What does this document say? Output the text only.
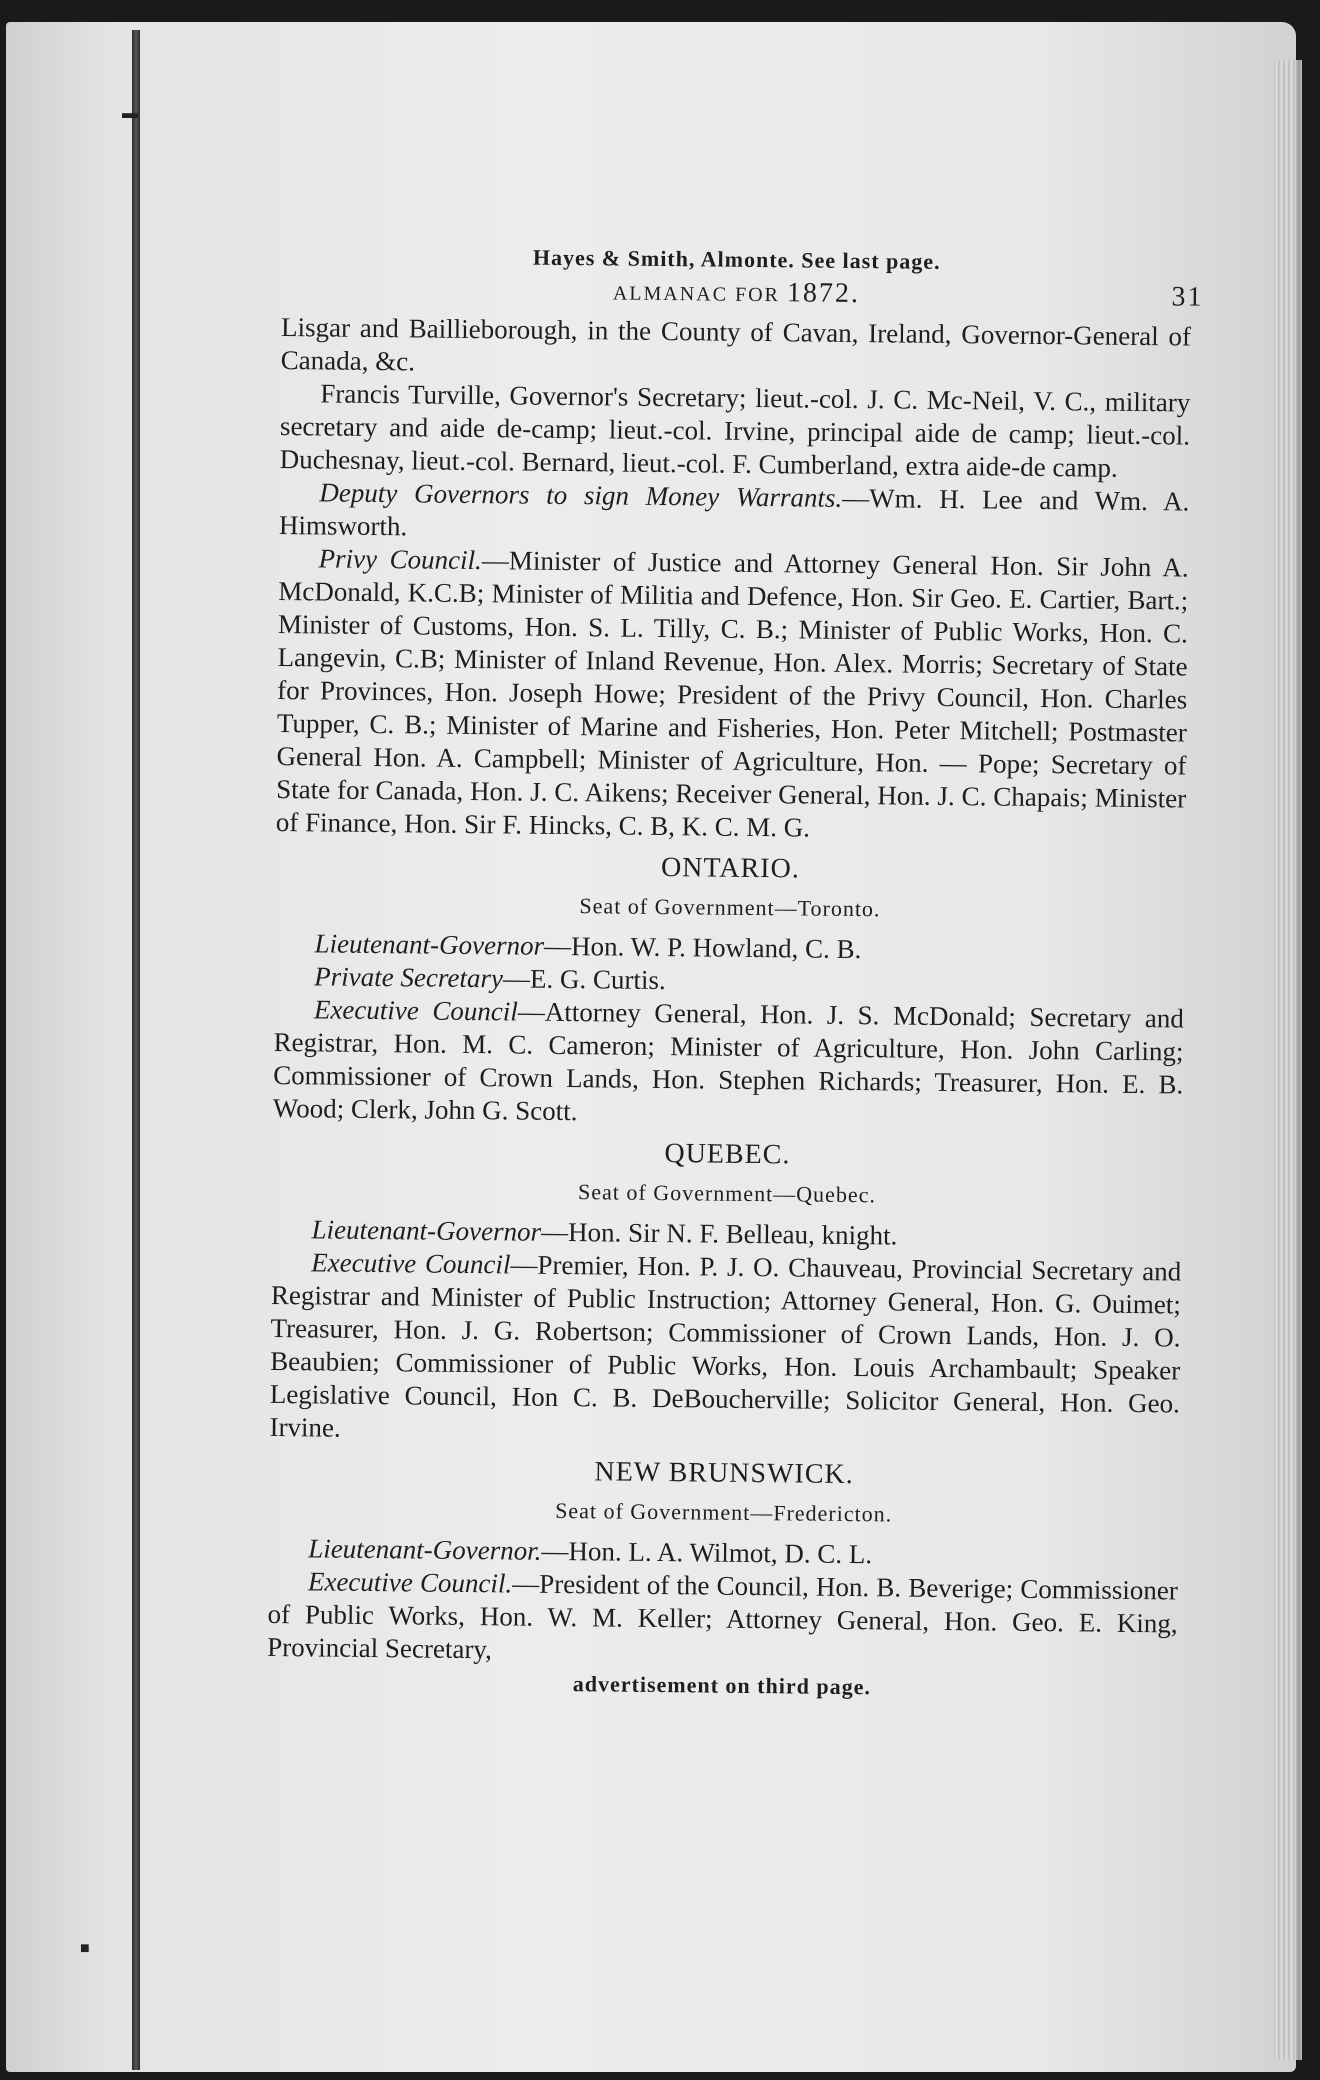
▬
■
Hayes & Smith, Almonte. See last page.
ALMANAC FOR 1872.	31

Lisgar and Baillieborough, in the County of Cavan, Ireland, Governor-General of Canada, &c.

Francis Turville, Governor's Secretary; lieut.-col. J. C. Mc-Neil, V. C., military secretary and aide de-camp; lieut.-col. Irvine, principal aide de camp; lieut.-col. Duchesnay, lieut.-col. Bernard, lieut.-col. F. Cumberland, extra aide-de camp.

Deputy Governors to sign Money Warrants.—Wm. H. Lee and Wm. A. Himsworth.

Privy Council.—Minister of Justice and Attorney General Hon. Sir John A. McDonald, K.C.B; Minister of Militia and Defence, Hon. Sir Geo. E. Cartier, Bart.; Minister of Customs, Hon. S. L. Tilly, C. B.; Minister of Public Works, Hon. C. Langevin, C.B; Minister of Inland Revenue, Hon. Alex. Morris; Secretary of State for Provinces, Hon. Joseph Howe; President of the Privy Council, Hon. Charles Tupper, C. B.; Minister of Marine and Fisheries, Hon. Peter Mitchell; Postmaster General Hon. A. Campbell; Minister of Agriculture, Hon. — Pope; Secretary of State for Canada, Hon. J. C. Aikens; Receiver General, Hon. J. C. Chapais; Minister of Finance, Hon. Sir F. Hincks, C. B, K. C. M. G.

ONTARIO.
Seat of Government—Toronto.

Lieutenant-Governor—Hon. W. P. Howland, C. B.

Private Secretary—E. G. Curtis.

Executive Council—Attorney General, Hon. J. S. McDonald; Secretary and Registrar, Hon. M. C. Cameron; Minister of Agriculture, Hon. John Carling; Commissioner of Crown Lands, Hon. Stephen Richards; Treasurer, Hon. E. B. Wood; Clerk, John G. Scott.

QUEBEC.
Seat of Government—Quebec.

Lieutenant-Governor—Hon. Sir N. F. Belleau, knight.

Executive Council—Premier, Hon. P. J. O. Chauveau, Provincial Secretary and Registrar and Minister of Public Instruction; Attorney General, Hon. G. Ouimet; Treasurer, Hon. J. G. Robertson; Commissioner of Crown Lands, Hon. J. O. Beaubien; Commissioner of Public Works, Hon. Louis Archambault; Speaker Legislative Council, Hon C. B. DeBoucherville; Solicitor General, Hon. Geo. Irvine.

NEW BRUNSWICK.
Seat of Government—Fredericton.

Lieutenant-Governor.—Hon. L. A. Wilmot, D. C. L.

Executive Council.—President of the Council, Hon. B. Beverige; Commissioner of Public Works, Hon. W. M. Keller; Attorney General, Hon. Geo. E. King, Provincial Secretary,

advertisement on third page.
